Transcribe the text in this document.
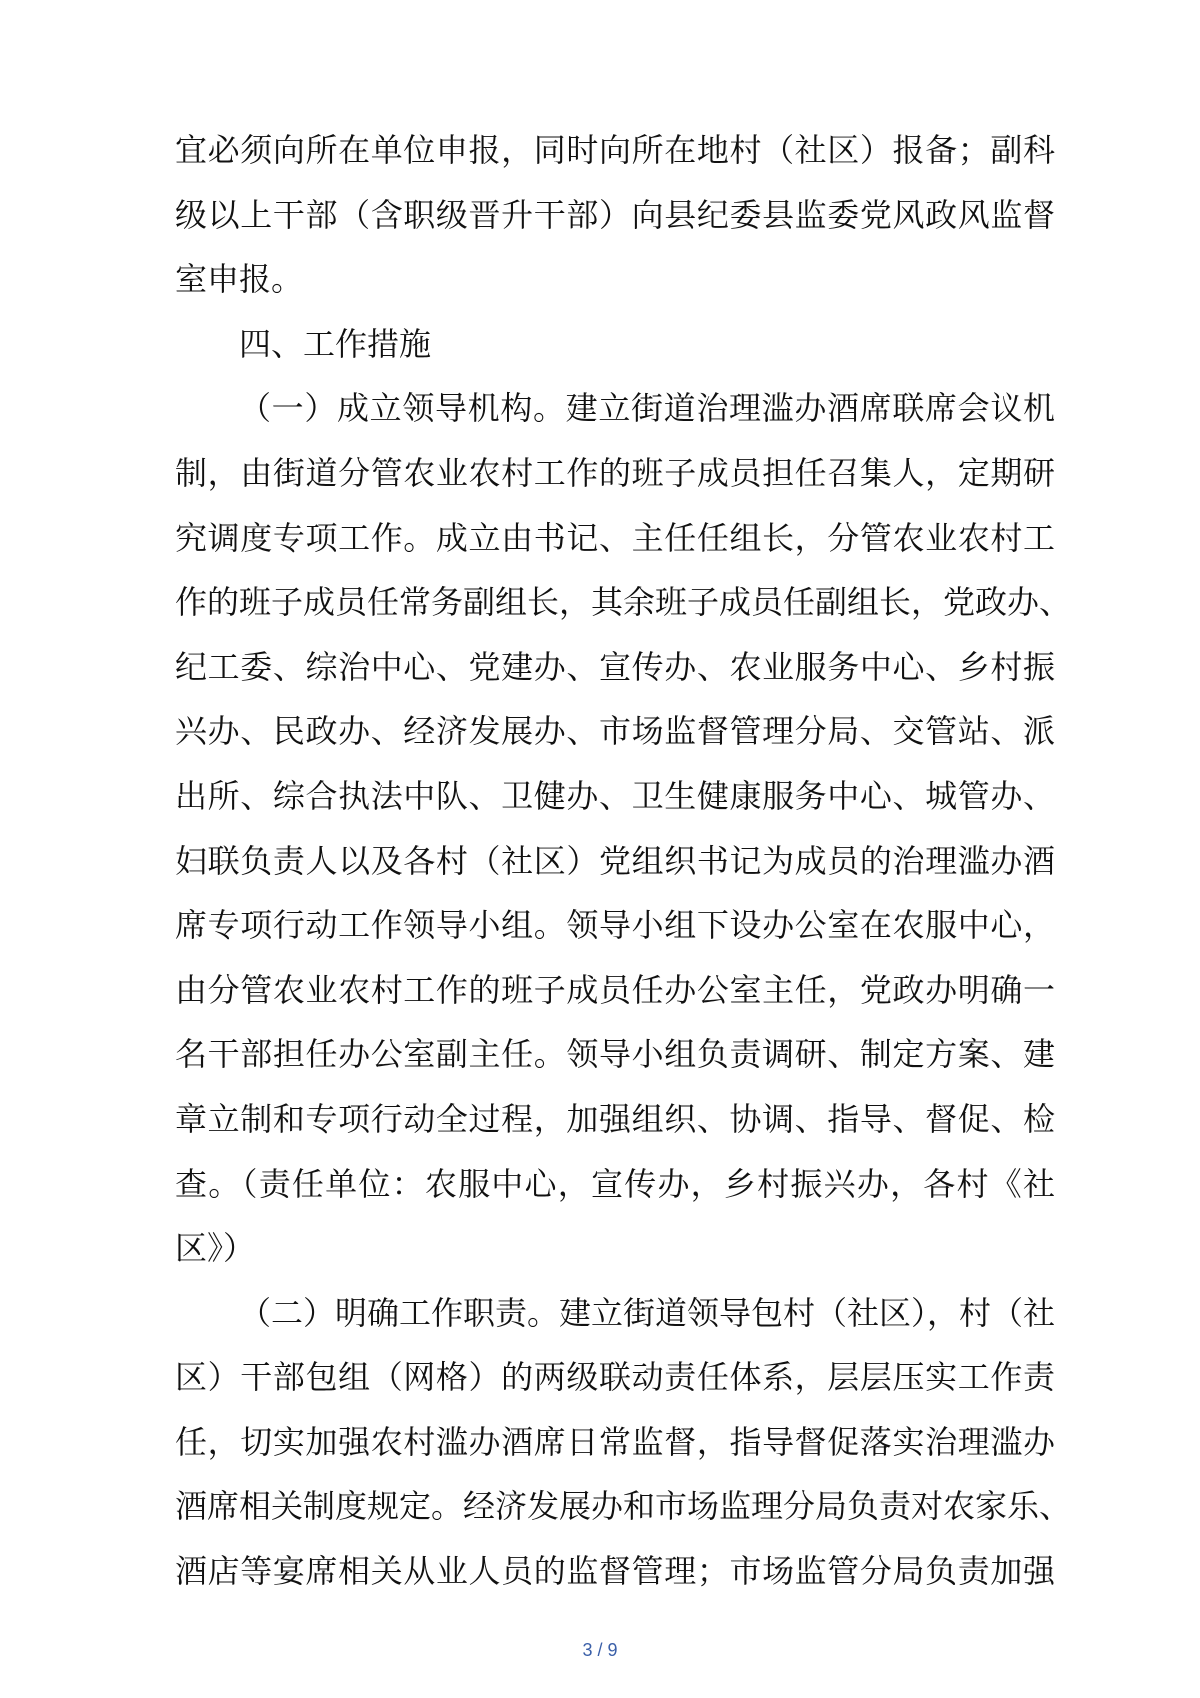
宜必须向所在单位申报，同时向所在地村（社区）报备；副科
级以上干部（含职级晋升干部）向县纪委县监委党风政风监督
室申报。
四、工作措施
（一）成立领导机构。建立街道治理滥办酒席联席会议机
制，由街道分管农业农村工作的班子成员担任召集人，定期研
究调度专项工作。成立由书记、主任任组长，分管农业农村工
作的班子成员任常务副组长，其余班子成员任副组长，党政办、
纪工委、综治中心、党建办、宣传办、农业服务中心、乡村振
兴办、民政办、经济发展办、市场监督管理分局、交管站、派
出所、综合执法中队、卫健办、卫生健康服务中心、城管办、
妇联负责人以及各村（社区）党组织书记为成员的治理滥办酒
席专项行动工作领导小组。领导小组下设办公室在农服中心，
由分管农业农村工作的班子成员任办公室主任，党政办明确一
名干部担任办公室副主任。领导小组负责调研、制定方案、建
章立制和专项行动全过程，加强组织、协调、指导、督促、检
查。（责任单位：农服中心，宣传办，乡村振兴办，各村《社
区》）
（二）明确工作职责。建立街道领导包村（社区），村（社
区）干部包组（网格）的两级联动责任体系，层层压实工作责
任，切实加强农村滥办酒席日常监督，指导督促落实治理滥办
酒席相关制度规定。经济发展办和市场监理分局负责对农家乐、
酒店等宴席相关从业人员的监督管理；市场监管分局负责加强
3 / 9
